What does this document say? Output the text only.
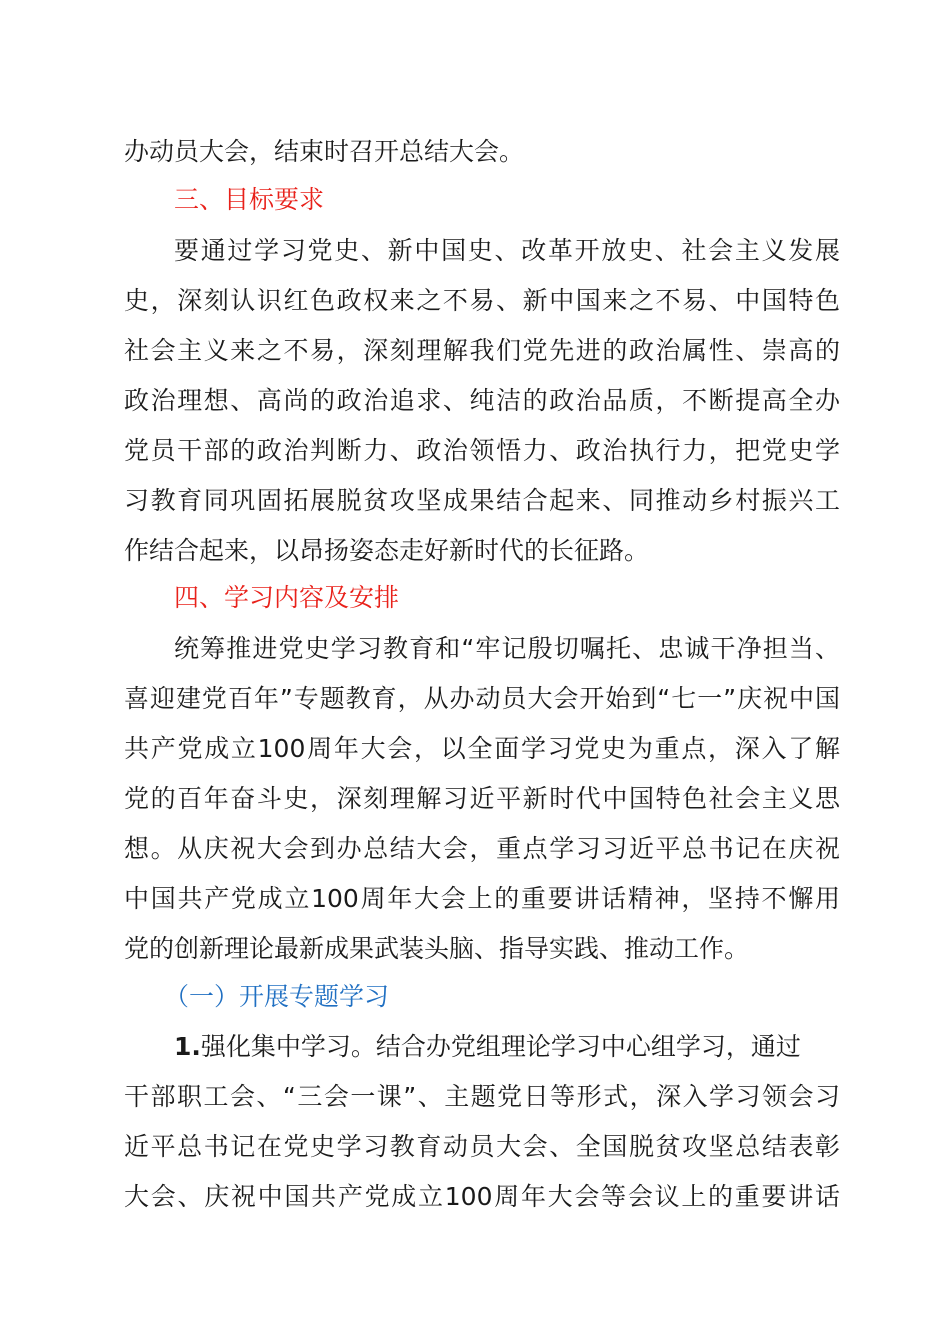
办动员大会，结束时召开总结大会。
三、目标要求
要通过学习党史、新中国史、改革开放史、社会主义发展
史，深刻认识红色政权来之不易、新中国来之不易、中国特色
社会主义来之不易，深刻理解我们党先进的政治属性、崇高的
政治理想、高尚的政治追求、纯洁的政治品质，不断提高全办
党员干部的政治判断力、政治领悟力、政治执行力，把党史学
习教育同巩固拓展脱贫攻坚成果结合起来、同推动乡村振兴工
作结合起来，以昂扬姿态走好新时代的长征路。
四、学习内容及安排
统筹推进党史学习教育和“牢记殷切嘱托、忠诚干净担当、
喜迎建党百年”专题教育，从办动员大会开始到“七一”庆祝中国
共产党成立100周年大会，以全面学习党史为重点，深入了解
党的百年奋斗史，深刻理解习近平新时代中国特色社会主义思
想。从庆祝大会到办总结大会，重点学习习近平总书记在庆祝
中国共产党成立100周年大会上的重要讲话精神，坚持不懈用
党的创新理论最新成果武装头脑、指导实践、推动工作。
（一）开展专题学习
1.强化集中学习。结合办党组理论学习中心组学习，通过
干部职工会、“三会一课”、主题党日等形式，深入学习领会习
近平总书记在党史学习教育动员大会、全国脱贫攻坚总结表彰
大会、庆祝中国共产党成立100周年大会等会议上的重要讲话
